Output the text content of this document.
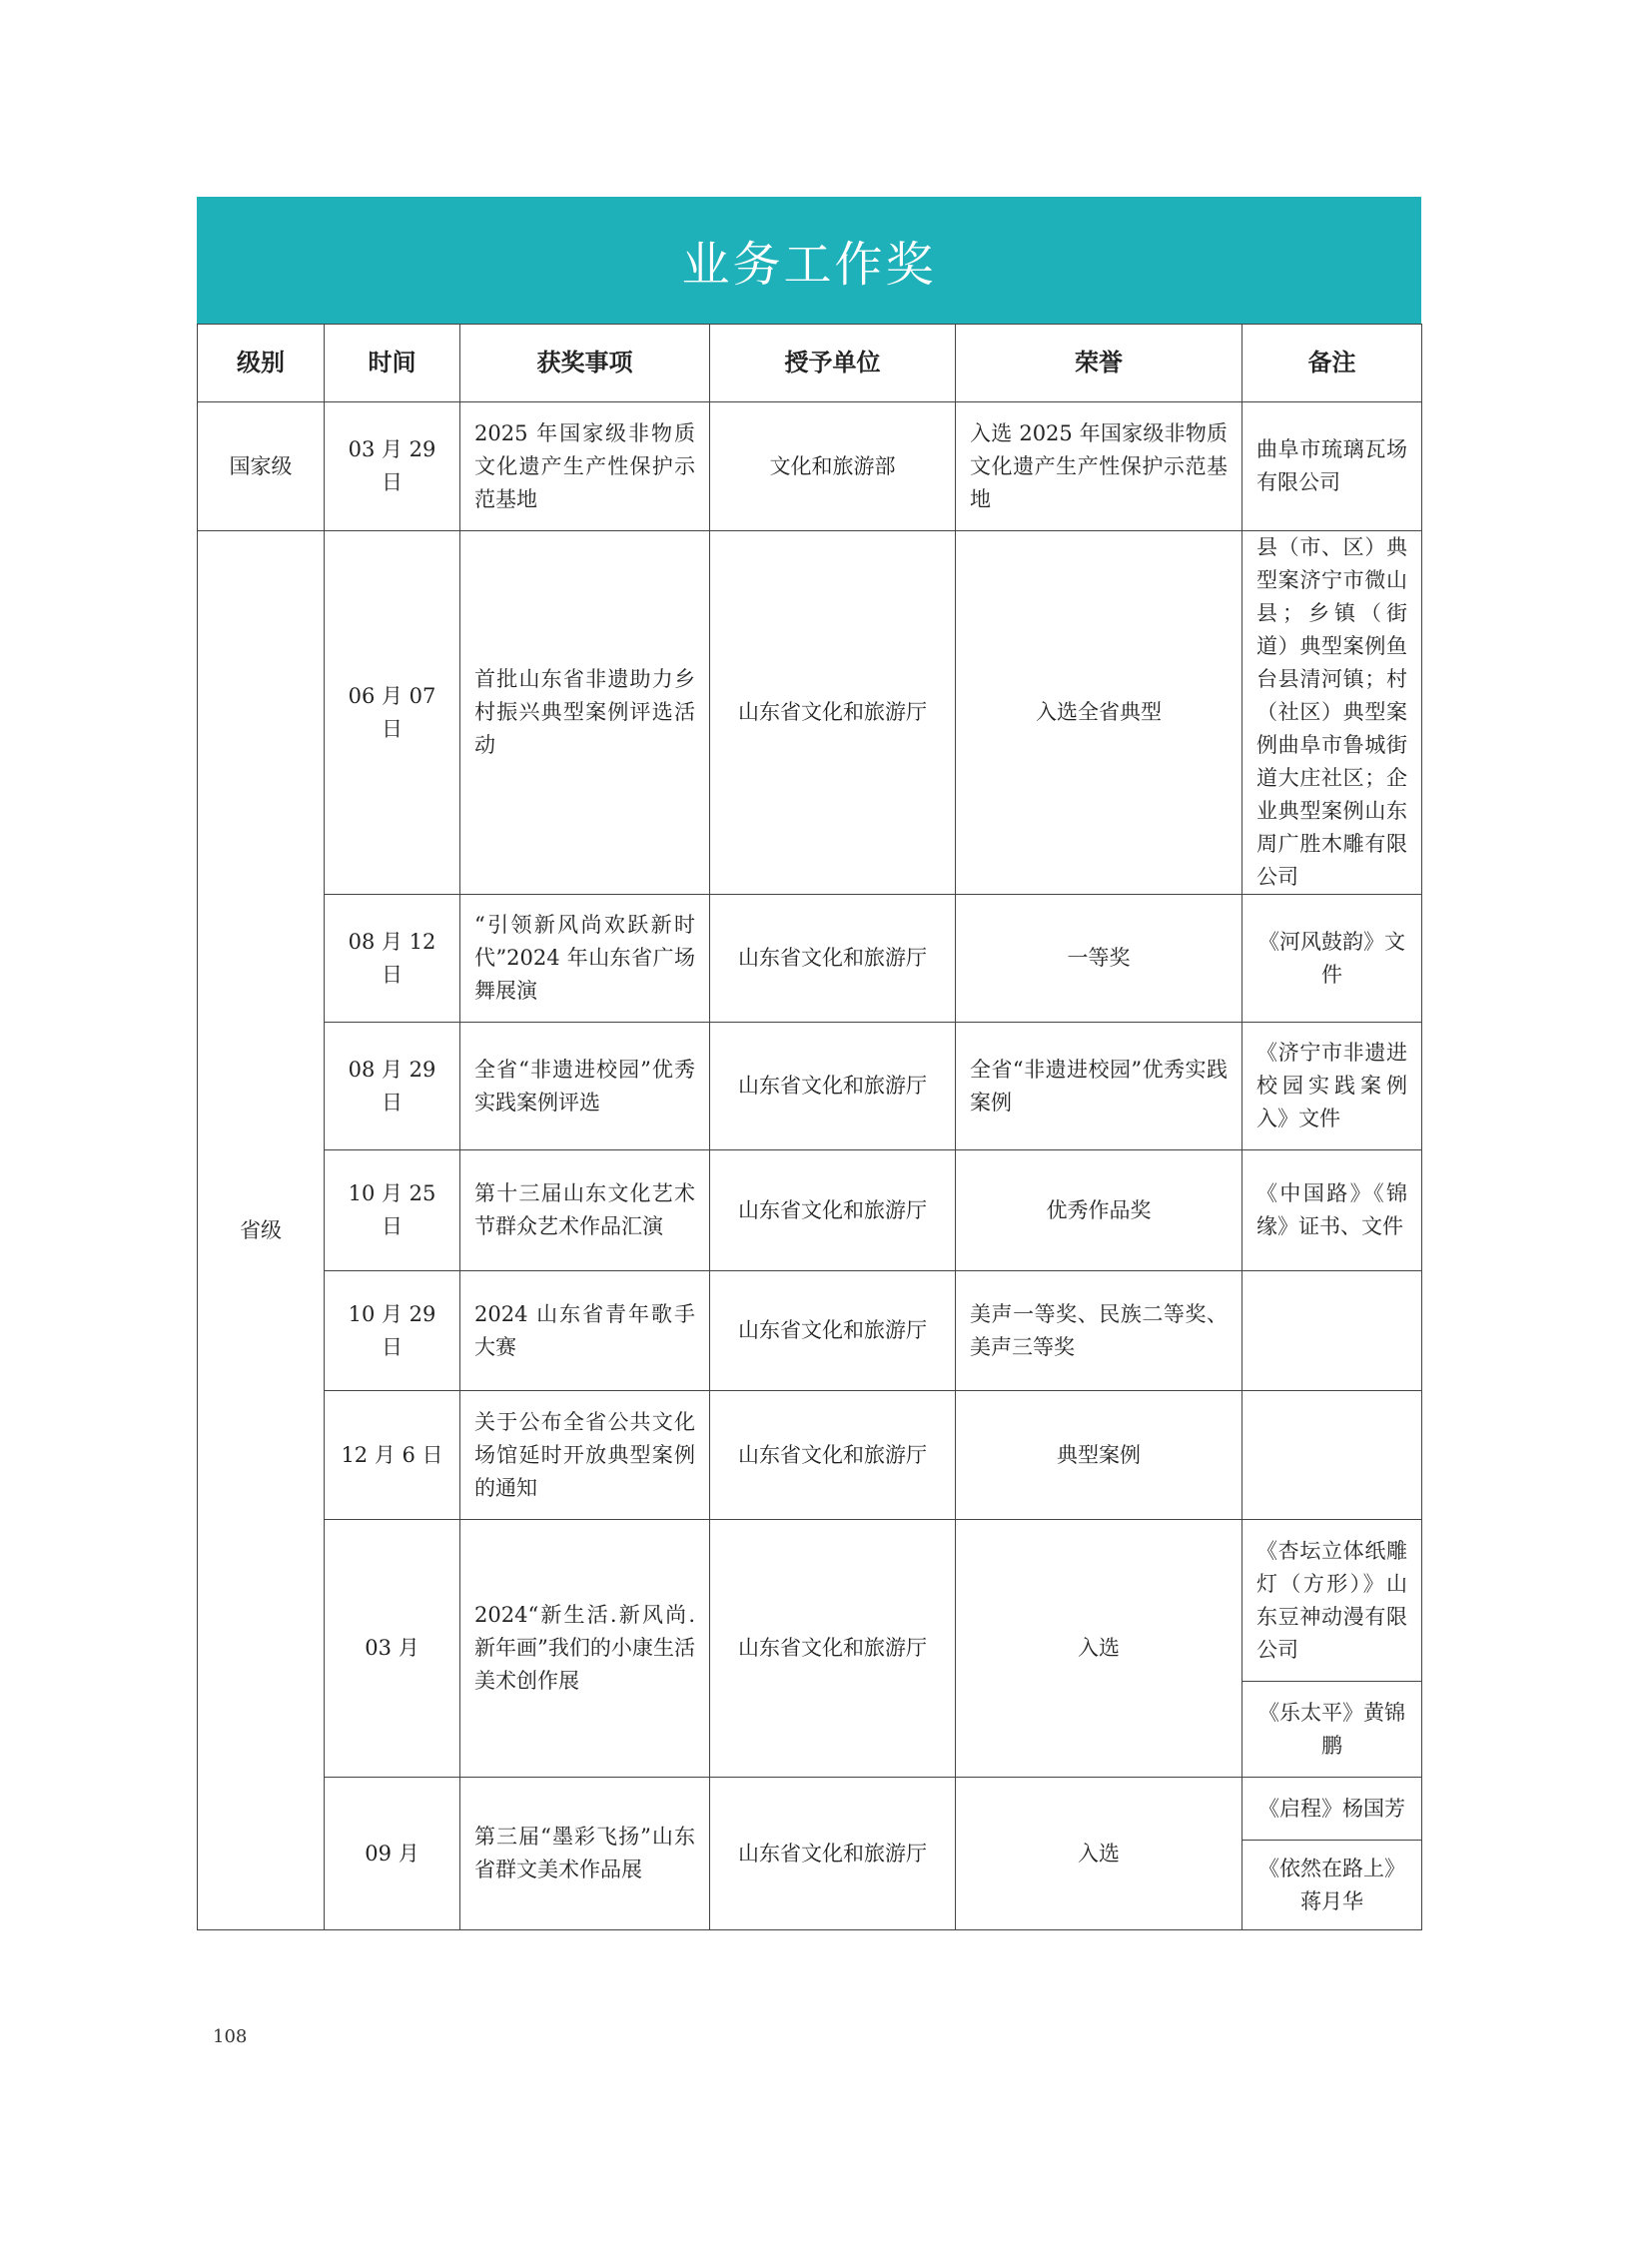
业务工作奖
级别	时间	获奖事项	授予单位	荣誉	备注
国家级	03 月 29 日	2025 年国家级非物质文化遗产生产性保护示范基地	文化和旅游部	入选 2025 年国家级非物质文化遗产生产性保护示范基地	曲阜市琉璃瓦场有限公司
省级	06 月 07 日	首批山东省非遗助力乡村振兴典型案例评选活动	山东省文化和旅游厅	入选全省典型	县（市、区）典型案济宁市微山县；乡镇（街道）典型案例鱼台县清河镇；村（社区）典型案例曲阜市鲁城街道大庄社区；企业典型案例山东周广胜木雕有限公司
	08 月 12 日	“引领新风尚欢跃新时代”2024 年山东省广场舞展演	山东省文化和旅游厅	一等奖	《河风鼓韵》文件
	08 月 29 日	全省“非遗进校园”优秀实践案例评选	山东省文化和旅游厅	全省“非遗进校园”优秀实践案例	《济宁市非遗进校园实践案例入》文件
	10 月 25 日	第十三届山东文化艺术节群众艺术作品汇演	山东省文化和旅游厅	优秀作品奖	《中国路》《锦缘》证书、文件
	10 月 29 日	2024 山东省青年歌手大赛	山东省文化和旅游厅	美声一等奖、民族二等奖、美声三等奖	
	12 月 6 日	关于公布全省公共文化场馆延时开放典型案例的通知	山东省文化和旅游厅	典型案例	
	03 月	2024“新生活.新风尚.新年画”我们的小康生活美术创作展	山东省文化和旅游厅	入选	《杏坛立体纸雕灯（方形）》山东豆神动漫有限公司
					《乐太平》黄锦鹏
	09 月	第三届“墨彩飞扬”山东省群文美术作品展	山东省文化和旅游厅	入选	《启程》杨国芳
					《依然在路上》蒋月华
108
